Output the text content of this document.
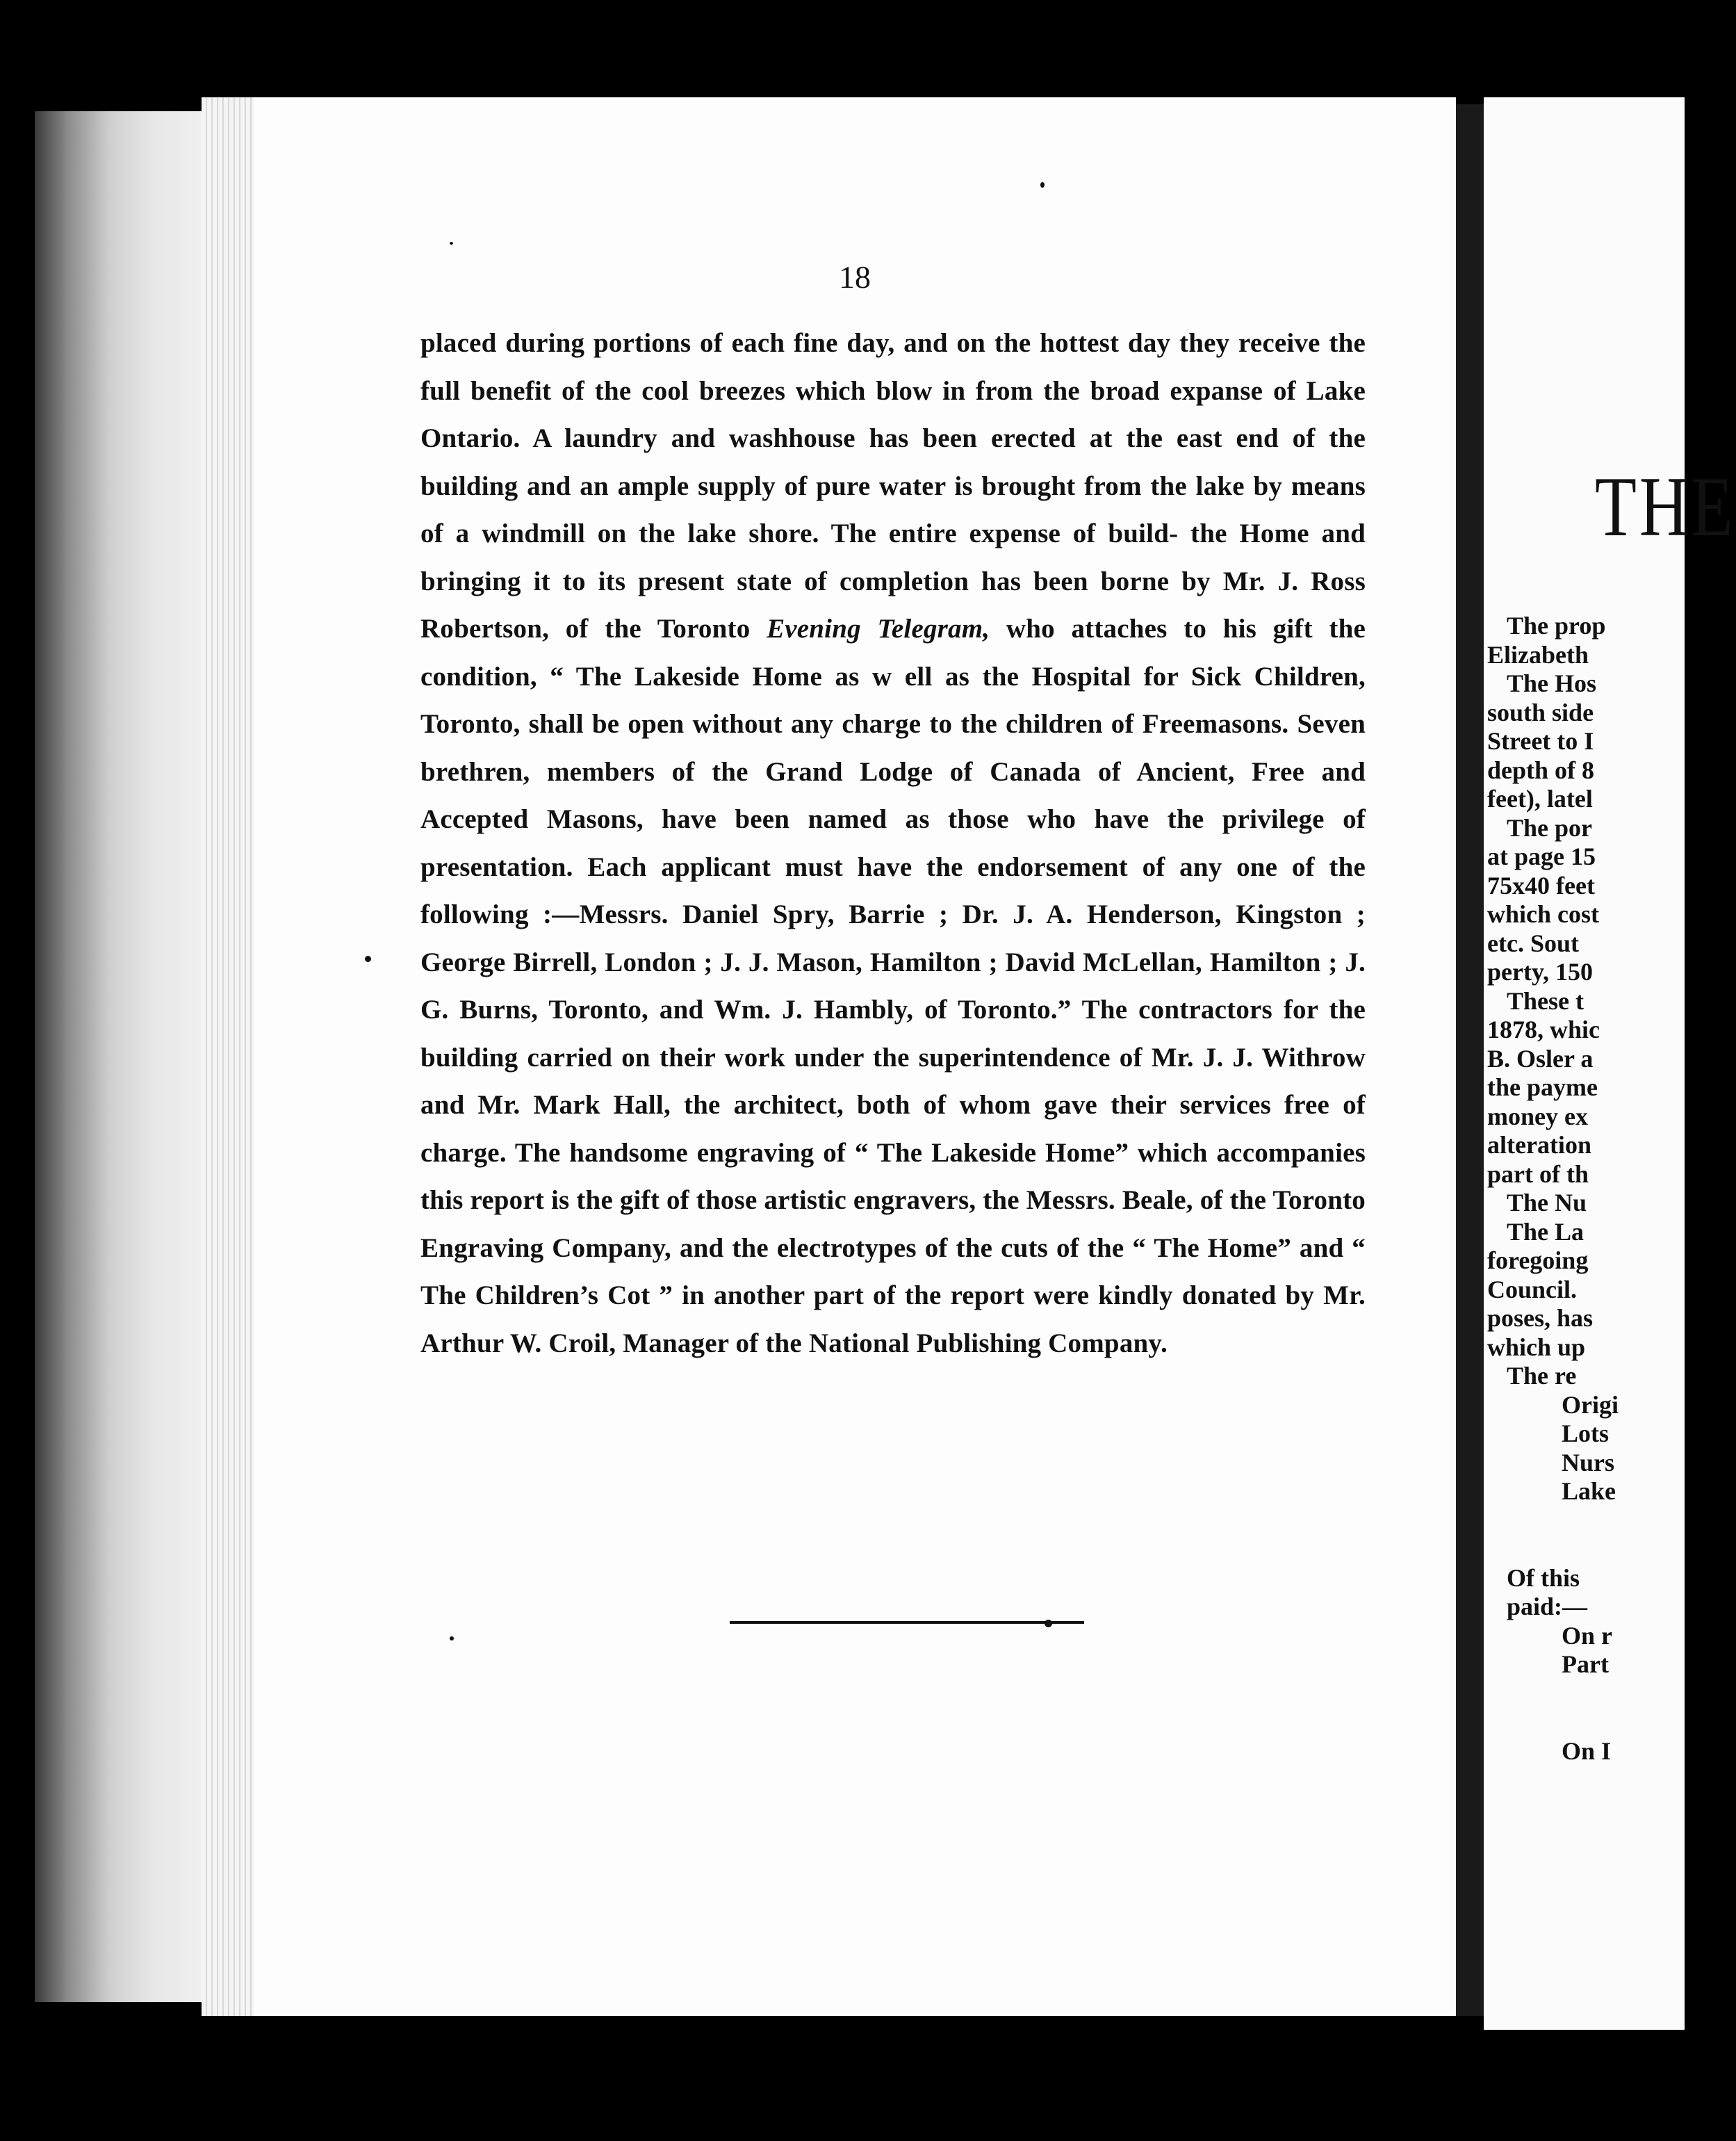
18

placed during portions of each fine day, and on the hottest day they receive the full benefit of the cool breezes which blow in from the broad expanse of Lake Ontario. A laundry and washhouse has been erected at the east end of the building and an ample supply of pure water is brought from the lake by means of a windmill on the lake shore. The entire expense of build- the Home and bringing it to its present state of completion has been borne by Mr. J. Ross Robertson, of the Toronto Evening Telegram, who attaches to his gift the condition, “ The Lakeside Home as w ell as the Hospital for Sick Children, Toronto, shall be open without any charge to the children of Freemasons. Seven brethren, members of the Grand Lodge of Canada of Ancient, Free and Accepted Masons, have been named as those who have the privilege of presentation. Each applicant must have the endorsement of any one of the following :—Messrs. Daniel Spry, Barrie ; Dr. J. A. Henderson, Kingston ; George Birrell, London ; J. J. Mason, Hamilton ; David McLellan, Hamilton ; J. G. Burns, Toronto, and Wm. J. Hambly, of Toronto.” The contractors for the building carried on their work under the superintendence of Mr. J. J. Withrow and Mr. Mark Hall, the architect, both of whom gave their services free of charge. The handsome engraving of “ The Lakeside Home” which accompanies this report is the gift of those artistic engravers, the Messrs. Beale, of the Toronto Engraving Company, and the electrotypes of the cuts of the “ The Home” and “ The Children’s Cot ” in another part of the report were kindly donated by Mr. Arthur W. Croil, Manager of the National Publishing Company.

THE
The prop
Elizabeth
The Hos
south side
Street to I
depth of 8
feet), latel
The por
at page 15
75x40 feet
which cost
etc. Sout
perty, 150
These t
1878, whic
B. Osler a
the payme
money ex
alteration
part of th
The Nu
The La
foregoing
Council.
poses, has
which up
The re
Origi
Lots
Nurs
Lake
Of this
paid:—
On r
Part
On I
